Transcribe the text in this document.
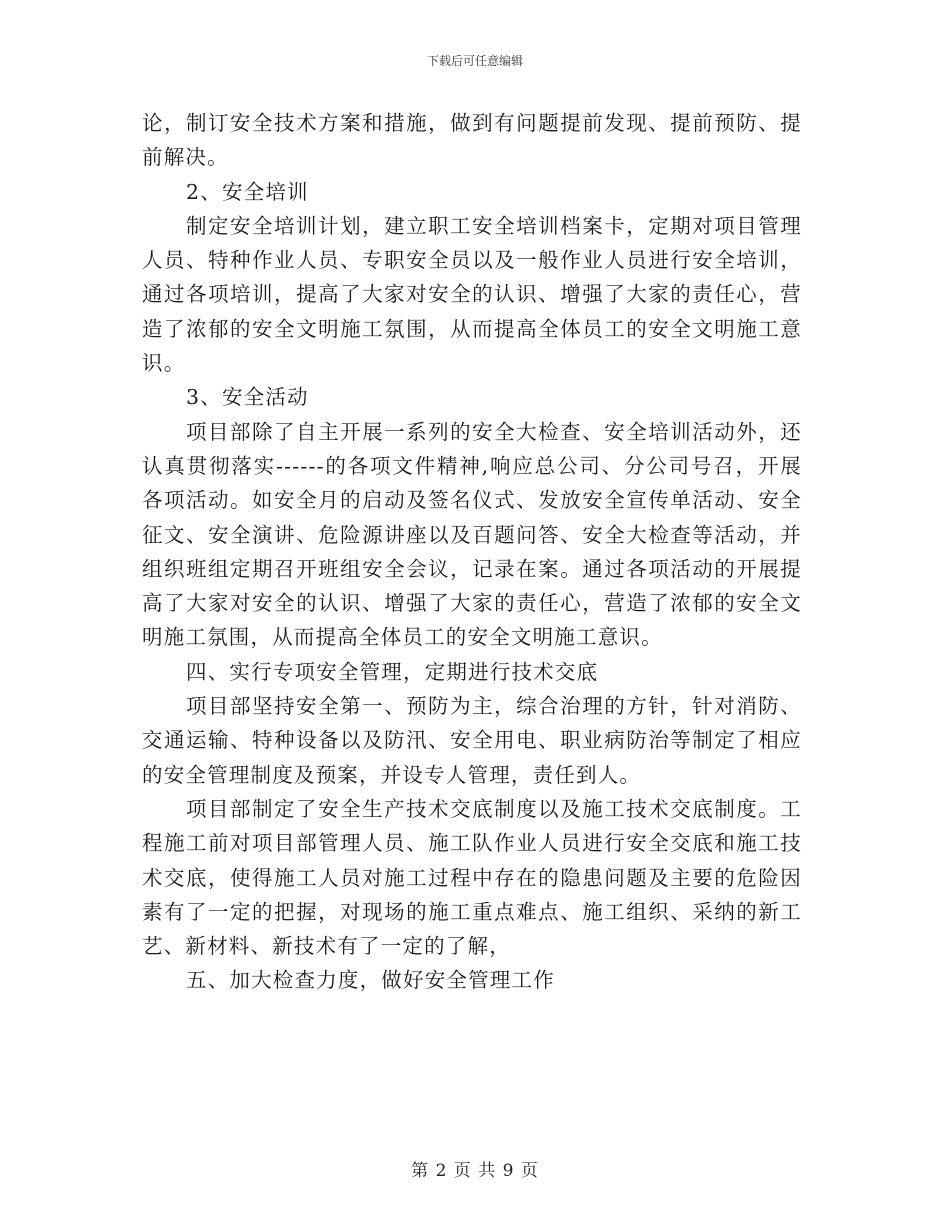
下载后可任意编辑

论，制订安全技术方案和措施，做到有问题提前发现、提前预防、提前解决。

2、安全培训

制定安全培训计划，建立职工安全培训档案卡，定期对项目管理人员、特种作业人员、专职安全员以及一般作业人员进行安全培训，通过各项培训，提高了大家对安全的认识、增强了大家的责任心，营造了浓郁的安全文明施工氛围，从而提高全体员工的安全文明施工意识。

3、安全活动

项目部除了自主开展一系列的安全大检查、安全培训活动外，还认真贯彻落实------的各项文件精神,响应总公司、分公司号召，开展各项活动。如安全月的启动及签名仪式、发放安全宣传单活动、安全征文、安全演讲、危险源讲座以及百题问答、安全大检查等活动，并组织班组定期召开班组安全会议，记录在案。通过各项活动的开展提高了大家对安全的认识、增强了大家的责任心，营造了浓郁的安全文明施工氛围，从而提高全体员工的安全文明施工意识。

四、实行专项安全管理，定期进行技术交底

项目部坚持安全第一、预防为主，综合治理的方针，针对消防、交通运输、特种设备以及防汛、安全用电、职业病防治等制定了相应的安全管理制度及预案，并设专人管理，责任到人。

项目部制定了安全生产技术交底制度以及施工技术交底制度。工程施工前对项目部管理人员、施工队作业人员进行安全交底和施工技术交底，使得施工人员对施工过程中存在的隐患问题及主要的危险因素有了一定的把握，对现场的施工重点难点、施工组织、采纳的新工艺、新材料、新技术有了一定的了解，

五、加大检查力度，做好安全管理工作

第 2 页 共 9 页
